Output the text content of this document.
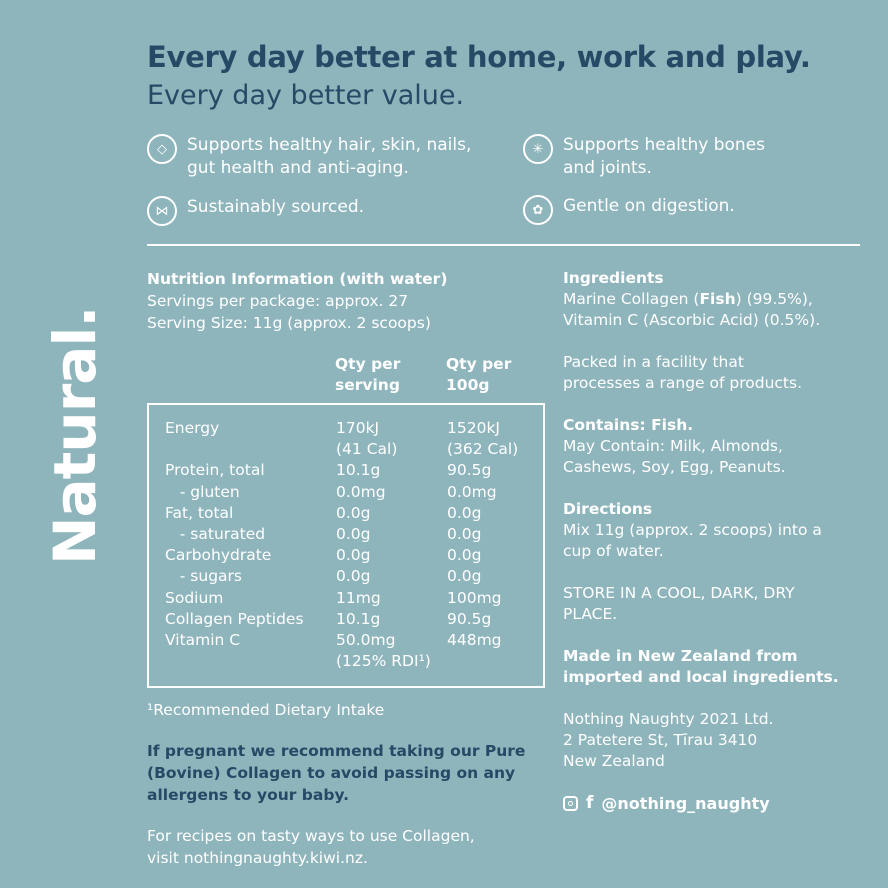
Natural.
Every day better at home, work and play.
Every day better value.
◇	Supports healthy hair, skin, nails,
gut health and anti-aging.
✳	Supports healthy bones
and joints.
⋈	Sustainably sourced.	✿	Gentle on digestion.
Nutrition Information (with water)
Servings per package: approx. 27
Serving Size: 11g (approx. 2 scoops)
Qty per
serving
Qty per
100g
Energy	170kJ	1520kJ
(41 Cal)	(362 Cal)
Protein, total	10.1g	90.5g
- gluten	0.0mg	0.0mg
Fat, total	0.0g	0.0g
- saturated	0.0g	0.0g
Carbohydrate	0.0g	0.0g
- sugars	0.0g	0.0g
Sodium	11mg	100mg
Collagen Peptides 10.1g	90.5g
Vitamin C	50.0mg	448mg
(125% RDI¹)
¹Recommended Dietary Intake
If pregnant we recommend taking our Pure
(Bovine) Collagen to avoid passing on any
allergens to your baby.
For recipes on tasty ways to use Collagen,
visit nothingnaughty.kiwi.nz.
Ingredients
Marine Collagen (Fish) (99.5%),
Vitamin C (Ascorbic Acid) (0.5%).
Packed in a facility that
processes a range of products.
Contains: Fish.
May Contain: Milk, Almonds,
Cashews, Soy, Egg, Peanuts.
Directions
Mix 11g (approx. 2 scoops) into a
cup of water.
STORE IN A COOL, DARK, DRY
PLACE.
Made in New Zealand from
imported and local ingredients.
Nothing Naughty 2021 Ltd.
2 Patetere St, Tīrau 3410
New Zealand
f @nothing_naughty
